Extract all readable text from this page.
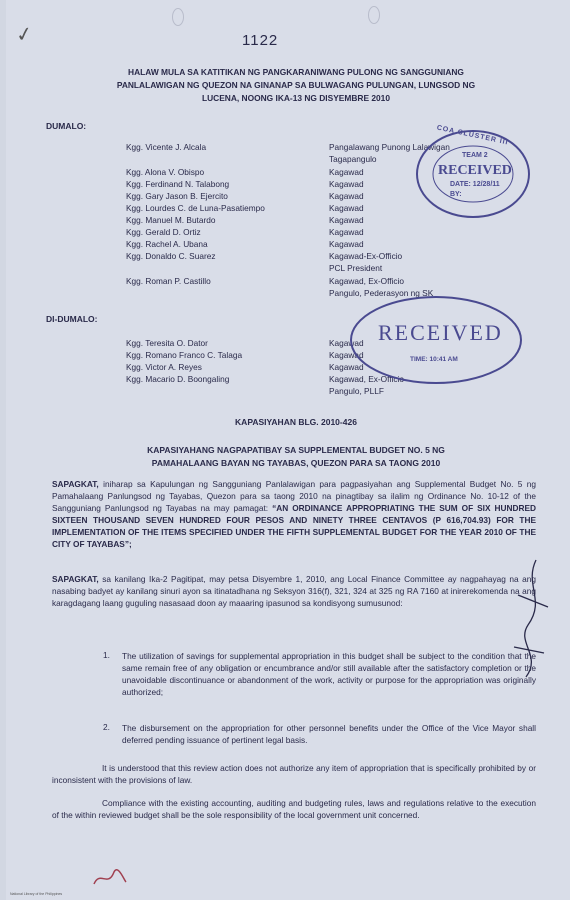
✓	1122
HALAW MULA SA KATITIKAN NG PANGKARANIWANG PULONG NG SANGGUNIANG
PANLALAWIGAN NG QUEZON NA GINANAP SA BULWAGANG PULUNGAN, LUNGSOD NG
LUCENA, NOONG IKA-13 NG DISYEMBRE 2010
DUMALO:
Kgg. Vicente J. Alcala	Pangalawang Punong Lalawigan
Tagapangulo
Kgg. Alona V. Obispo	Kagawad
Kgg. Ferdinand N. Talabong	Kagawad
Kgg. Gary Jason B. Ejercito	Kagawad
Kgg. Lourdes C. de Luna-Pasatiempo	Kagawad
Kgg. Manuel M. Butardo	Kagawad
Kgg. Gerald D. Ortiz	Kagawad
Kgg. Rachel A. Ubana	Kagawad
Kgg. Donaldo C. Suarez	Kagawad-Ex-Officio
PCL President
Kgg. Roman P. Castillo	Kagawad, Ex-Officio
Pangulo, Pederasyon ng SK
DI-DUMALO:
Kgg. Teresita O. Dator	Kagawad
Kgg. Romano Franco C. Talaga	Kagawad
Kgg. Victor A. Reyes	Kagawad
Kgg. Macario D. Boongaling	Kagawad, Ex-Officio
Pangulo, PLLF
COA CLUSTER III
TEAM 2
RECEIVED
DATE: 12/28/11
BY:
RECEIVED
TIME: 10:41 AM
KAPASIYAHAN BLG. 2010-426
KAPASIYAHANG NAGPAPATIBAY SA SUPPLEMENTAL BUDGET NO. 5 NG
PAMAHALAANG BAYAN NG TAYABAS, QUEZON PARA SA TAONG 2010
SAPAGKAT, iniharap sa Kapulungan ng Sangguniang Panlalawigan para pagpasiyahan ang Supplemental Budget No. 5 ng Pamahalaang Panlungsod ng Tayabas, Quezon para sa taong 2010 na pinagtibay sa ilalim ng Ordinance No. 10-12 of the Sangguniang Panlungsod ng Tayabas na may pamagat: “AN ORDINANCE APPROPRIATING THE SUM OF SIX HUNDRED SIXTEEN THOUSAND SEVEN HUNDRED FOUR PESOS AND NINETY THREE CENTAVOS (P 616,704.93) FOR THE IMPLEMENTATION OF THE ITEMS SPECIFIED UNDER THE FIFTH SUPPLEMENTAL BUDGET FOR THE YEAR 2010 OF THE CITY OF TAYABAS”;
SAPAGKAT, sa kanilang Ika-2 Pagitipat, may petsa Disyembre 1, 2010, ang Local Finance Committee ay nagpahayag na ang nasabing badyet ay kanilang sinuri ayon sa itinatadhana ng Seksyon 316(f), 321, 324 at 325 ng RA 7160 at inirerekomenda na ang karagdagang laang guguling nasasaad doon ay maaaring ipasunod sa kondisyong sumusunod:
1. The utilization of savings for supplemental appropriation in this budget shall be subject to the condition that the same remain free of any obligation or encumbrance and/or still available after the satisfactory completion or the unavoidable discontinuance or abandonment of the work, activity or purpose for the appropriation was originally authorized;
2. The disbursement on the appropriation for other personnel benefits under the Office of the Vice Mayor shall deferred pending issuance of pertinent legal basis.
It is understood that this review action does not authorize any item of appropriation that is specifically prohibited by or inconsistent with the provisions of law.
Compliance with the existing accounting, auditing and budgeting rules, laws and regulations relative to the execution of the within reviewed budget shall be the sole responsibility of the local government unit concerned.
National Library of the Philippines
